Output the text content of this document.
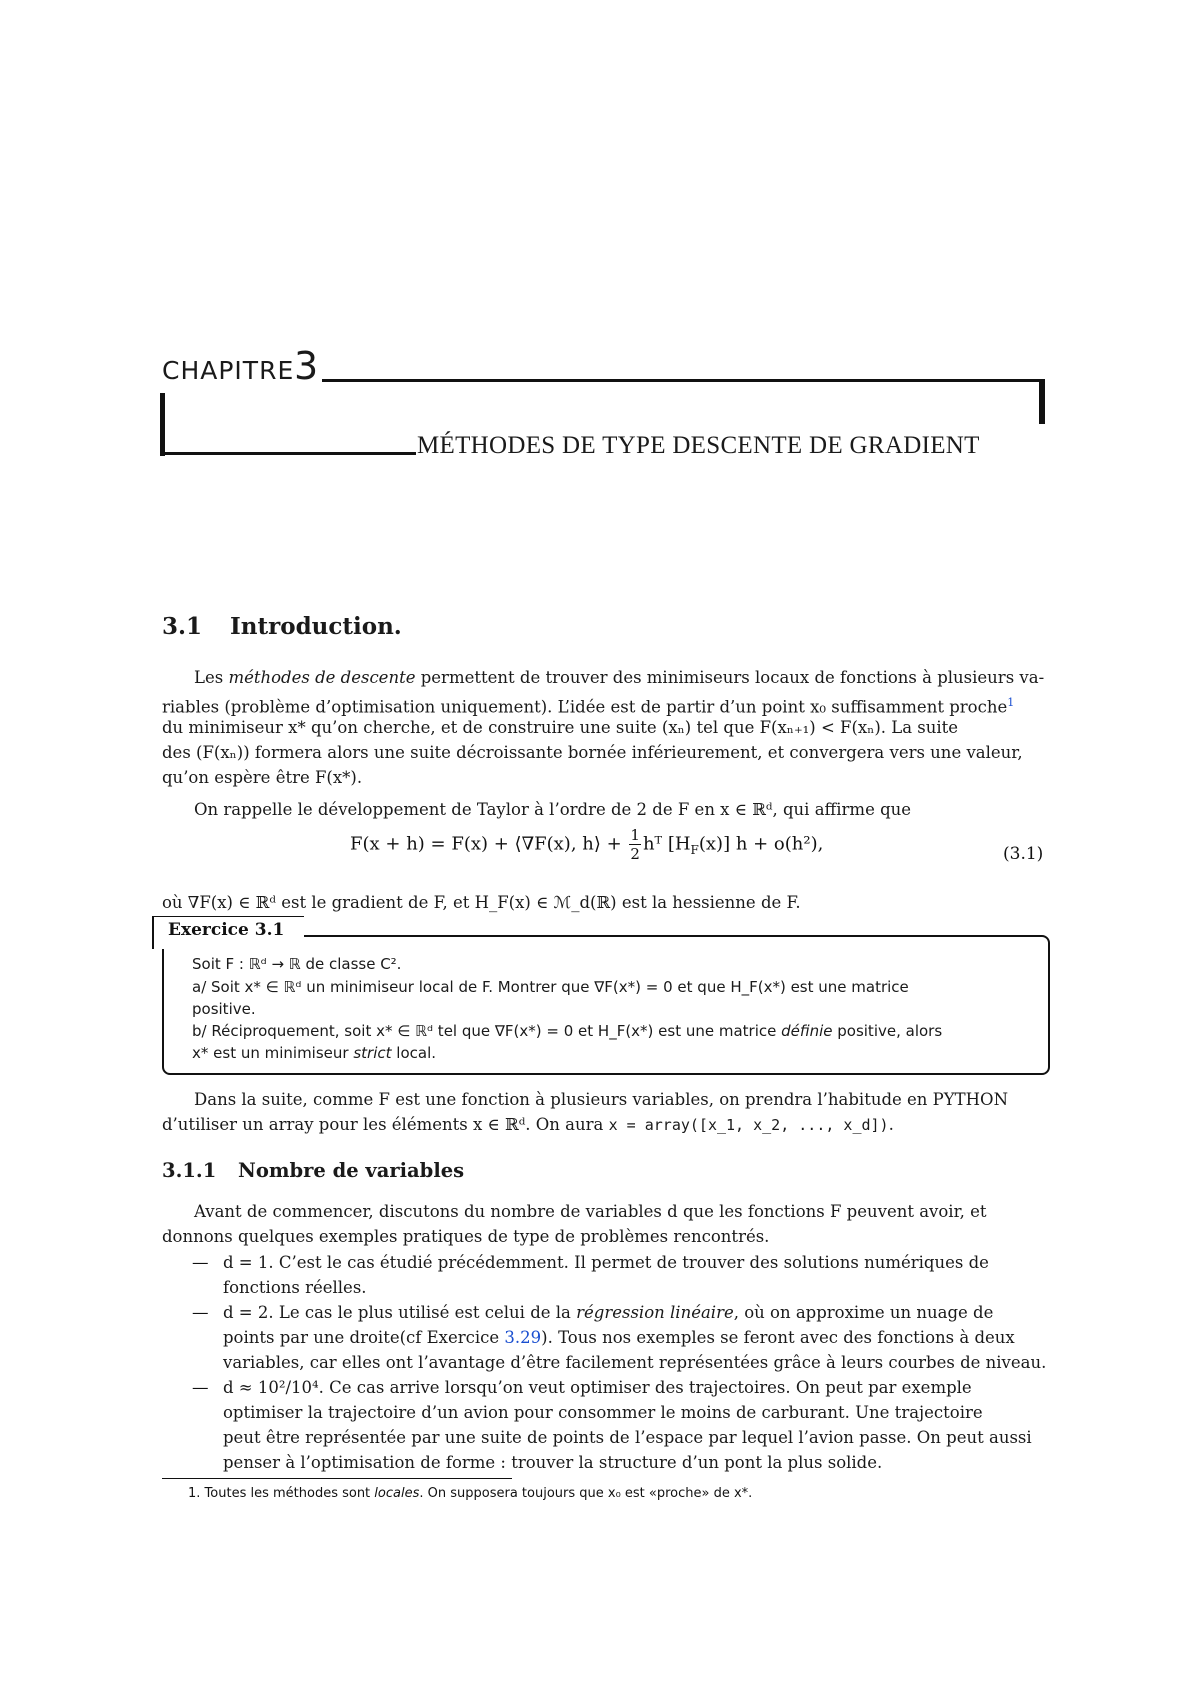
CHAPITRE 3
MÉTHODES DE TYPE DESCENTE DE GRADIENT
3.1 Introduction.
Les méthodes de descente permettent de trouver des minimiseurs locaux de fonctions à plusieurs va-
riables (problème d’optimisation uniquement). L’idée est de partir d’un point x₀ suffisamment proche$^1$
du minimiseur x* qu’on cherche, et de construire une suite (xₙ) tel que F(xₙ₊₁) < F(xₙ). La suite
des (F(xₙ)) formera alors une suite décroissante bornée inférieurement, et convergera vers une valeur,
qu’on espère être F(x*).
On rappelle le développement de Taylor à l’ordre de 2 de F en x ∈ ℝᵈ, qui affirme que
F(x + h) = F(x) + ⟨∇F(x), h⟩ + $\frac{1}{2}$ hᵀ $[H_F(x)] h + o(h^2)$,	(3.1)
où ∇F(x) ∈ ℝᵈ est le gradient de F, et H_F(x) ∈ ℳ_d(ℝ) est la hessienne de F.
Exercice 3.1
Soit F : ℝᵈ → ℝ de classe C².
a/ Soit x* ∈ ℝᵈ un minimiseur local de F. Montrer que ∇F(x*) = 0 et que H_F(x*) est une matrice
positive.
b/ Réciproquement, soit x* ∈ ℝᵈ tel que ∇F(x*) = 0 et H_F(x*) est une matrice définie positive, alors
x* est un minimiseur strict local.
Dans la suite, comme F est une fonction à plusieurs variables, on prendra l’habitude en PYTHON
d’utiliser un array pour les éléments x ∈ ℝᵈ. On aura x = array([x_1, x_2, ..., x_d]).
3.1.1 Nombre de variables
Avant de commencer, discutons du nombre de variables d que les fonctions F peuvent avoir, et
donnons quelques exemples pratiques de type de problèmes rencontrés.
— d = 1. C’est le cas étudié précédemment. Il permet de trouver des solutions numériques de
fonctions réelles.
— d = 2. Le cas le plus utilisé est celui de la régression linéaire, où on approxime un nuage de
points par une droite(cf Exercice 3.29). Tous nos exemples se feront avec des fonctions à deux
variables, car elles ont l’avantage d’être facilement représentées grâce à leurs courbes de niveau.
— d ≈ 10²/10⁴. Ce cas arrive lorsqu’on veut optimiser des trajectoires. On peut par exemple
optimiser la trajectoire d’un avion pour consommer le moins de carburant. Une trajectoire
peut être représentée par une suite de points de l’espace par lequel l’avion passe. On peut aussi
penser à l’optimisation de forme : trouver la structure d’un pont la plus solide.
1. Toutes les méthodes sont locales. On supposera toujours que x₀ est «proche» de x*.
